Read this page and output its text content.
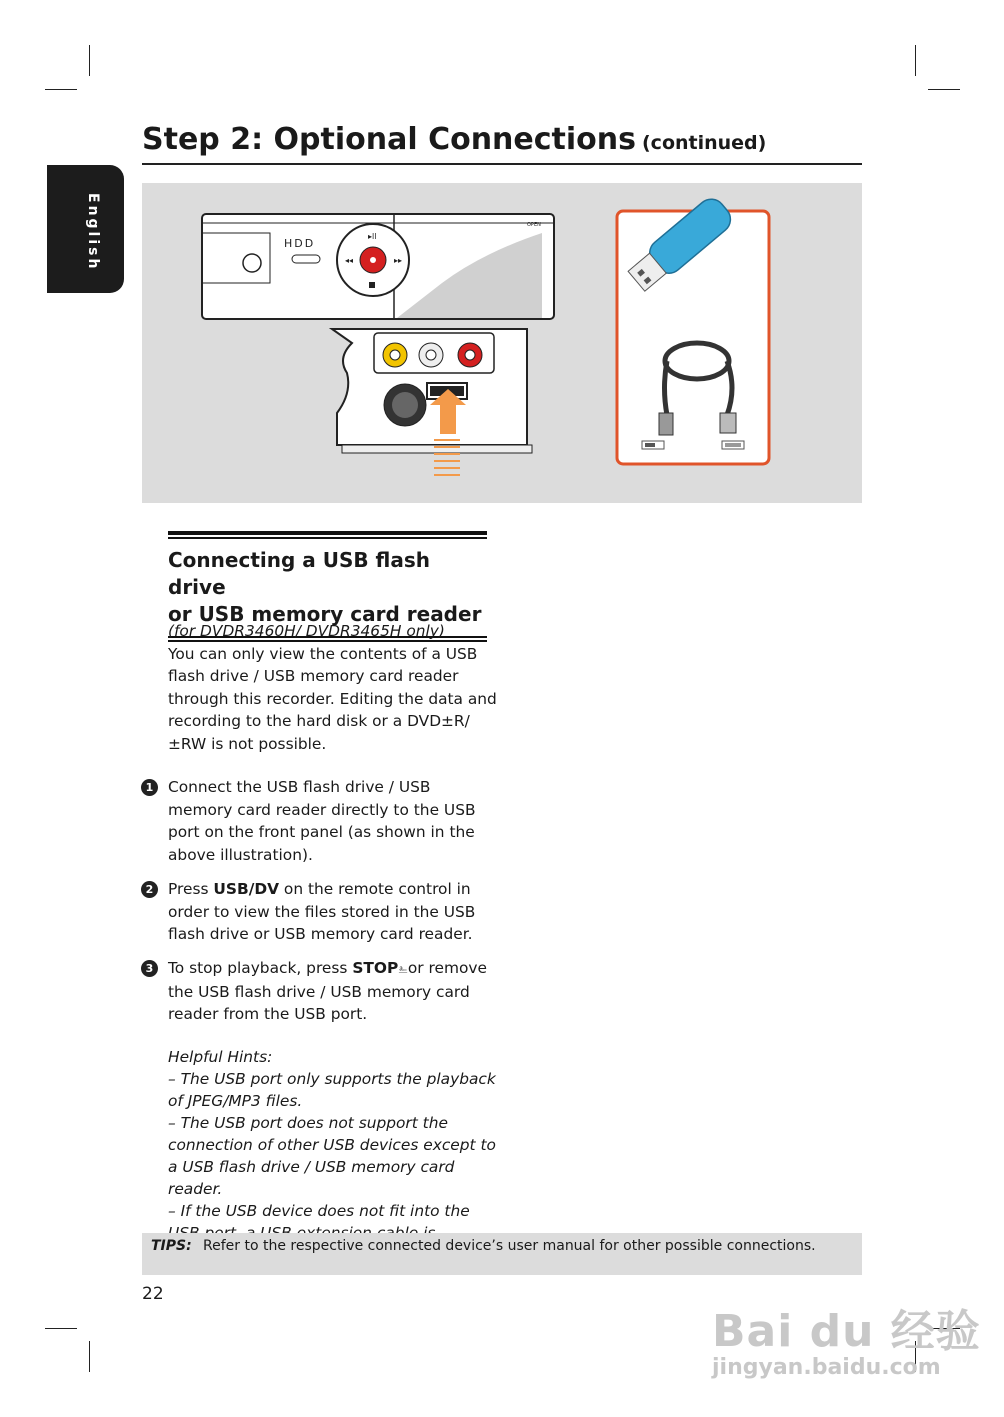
English
Step 2: Optional Connections (continued)
HDD
▸ll
◂◂	▸▸
OPEN
Connecting a USB flash drive
or USB memory card reader
(for DVDR3460H/ DVDR3465H only)
You can only view the contents of a USB flash drive / USB memory card reader through this recorder. Editing the data and recording to the hard disk or a DVD±R/±RW is not possible.
1 Connect the USB flash drive / USB memory card reader directly to the USB port on the front panel (as shown in the above illustration).
2 Press USB/DV on the remote control in order to view the files stored in the USB flash drive or USB memory card reader.
3 To stop playback, press STOP⎁or remove the USB flash drive / USB memory card reader from the USB port.
Helpful Hints:
– The USB port only supports the playback of JPEG/MP3 files.
– The USB port does not support the connection of other USB devices except to a USB flash drive / USB memory card reader.
– If the USB device does not fit into the
TIPS: Refer to the respective connected device’s user manual for other possible connections.
22
Bai du 经验
jingyan.baidu.com
